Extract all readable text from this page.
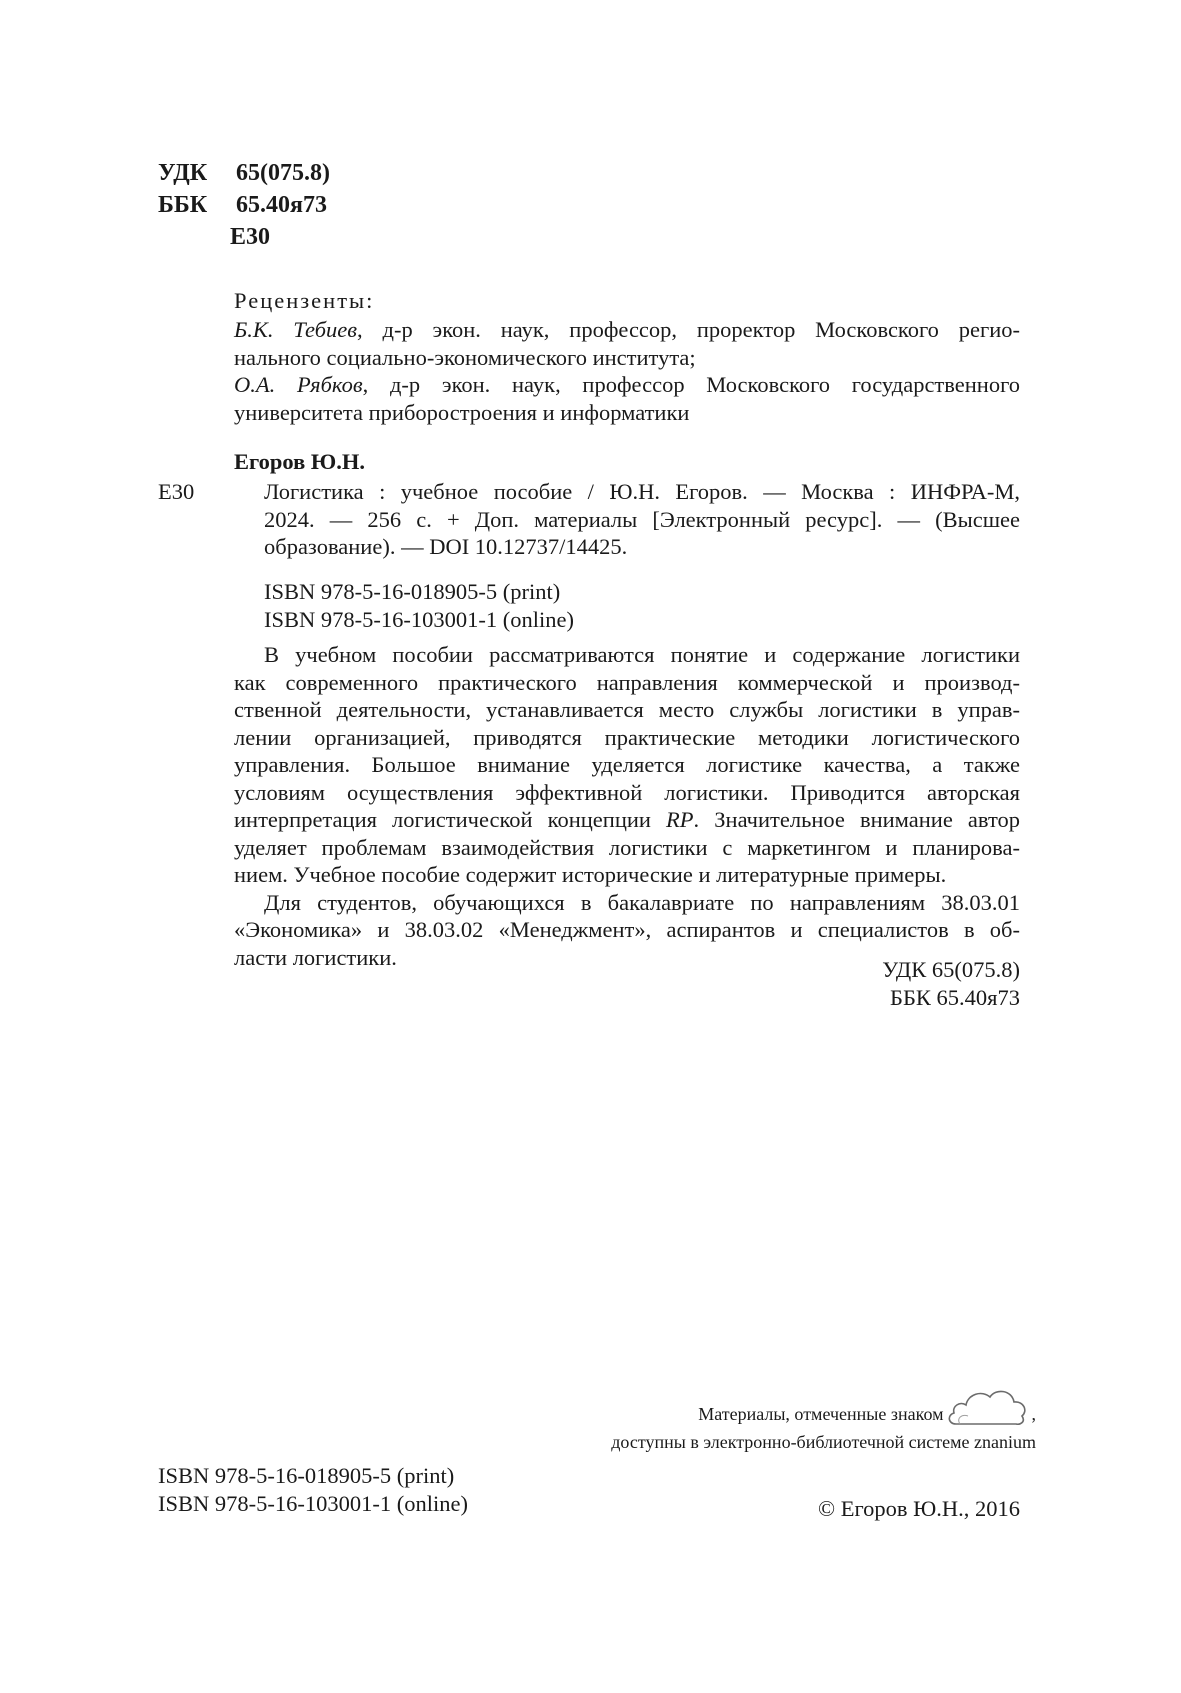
УДК 65(075.8)
ББК 65.40я73
Е30
Рецензенты:
Б.К. Тебиев, д-р экон. наук, профессор, проректор Московского регио-
нального социально-экономического института;
О.А. Рябков, д-р экон. наук, профессор Московского государственного
университета приборостроения и информатики
Егоров Ю.Н.
Е30	Логистика : учебное пособие / Ю.Н. Егоров. — Москва : ИНФРА-М,
2024. — 256 с. + Доп. материалы [Электронный ресурс]. — (Высшее
образование). — DOI 10.12737/14425.
ISBN 978-5-16-018905-5 (print)
ISBN 978-5-16-103001-1 (online)
В учебном пособии рассматриваются понятие и содержание логистики
как современного практического направления коммерческой и производ-
ственной деятельности, устанавливается место службы логистики в управ-
лении организацией, приводятся практические методики логистического
управления. Большое внимание уделяется логистике качества, а также
условиям осуществления эффективной логистики. Приводится авторская
интерпретация логистической концепции RP. Значительное внимание автор
уделяет проблемам взаимодействия логистики с маркетингом и планирова-
нием. Учебное пособие содержит исторические и литературные примеры.
Для студентов, обучающихся в бакалавриате по направлениям 38.03.01
«Экономика» и 38.03.02 «Менеджмент», аспирантов и специалистов в об-
ласти логистики.	УДК 65(075.8)
ББК 65.40я73
Материалы, отмеченные знаком	,
доступны в электронно-библиотечной системе znanium
ISBN 978-5-16-018905-5 (print)
ISBN 978-5-16-103001-1 (online)	© Егоров Ю.Н., 2016
